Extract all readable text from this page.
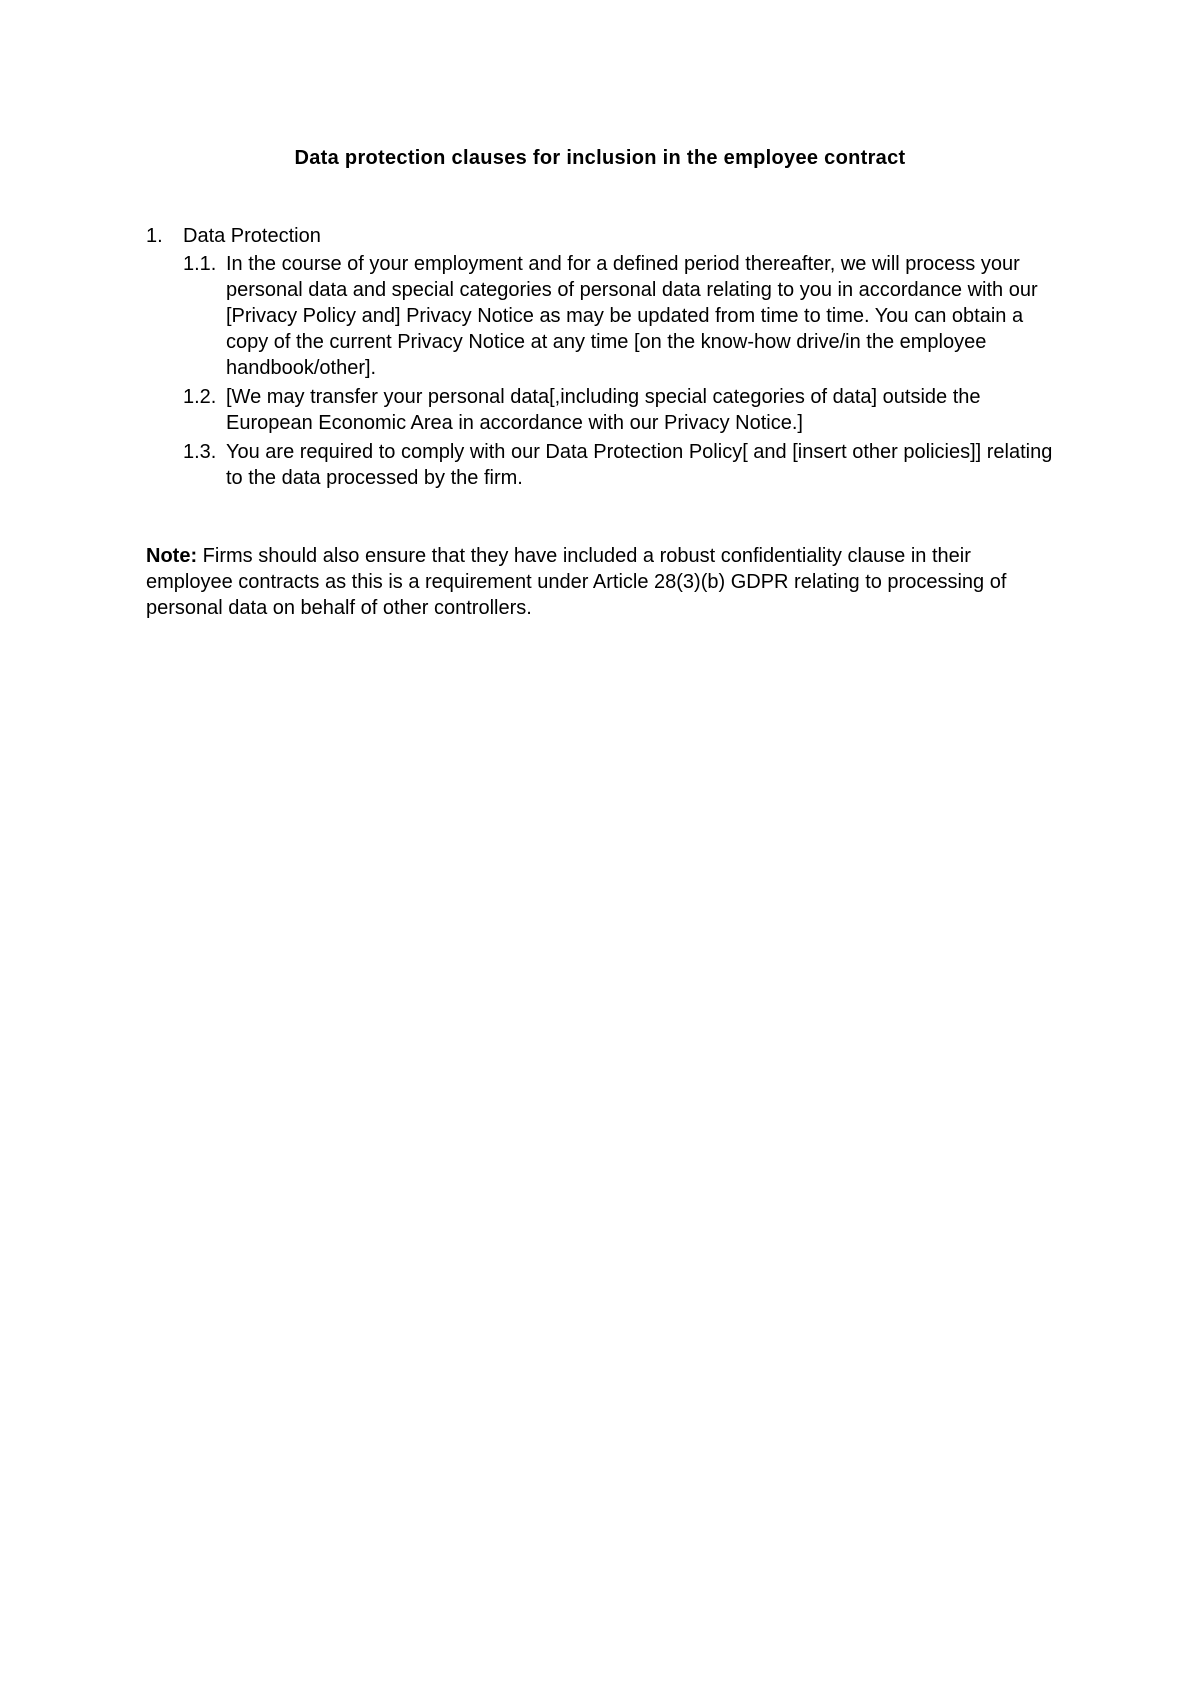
Data protection clauses for inclusion in the employee contract
1.	Data Protection
1.1. In the course of your employment and for a defined period thereafter, we will process your personal data and special categories of personal data relating to you in accordance with our [Privacy Policy and] Privacy Notice as may be updated from time to time. You can obtain a copy of the current Privacy Notice at any time [on the know-how drive/in the employee handbook/other].
1.2. [We may transfer your personal data[,including special categories of data] outside the European Economic Area in accordance with our Privacy Notice.]
1.3. You are required to comply with our Data Protection Policy[ and [insert other policies]] relating to the data processed by the firm.
Note: Firms should also ensure that they have included a robust confidentiality clause in their employee contracts as this is a requirement under Article 28(3)(b) GDPR relating to processing of personal data on behalf of other controllers.
